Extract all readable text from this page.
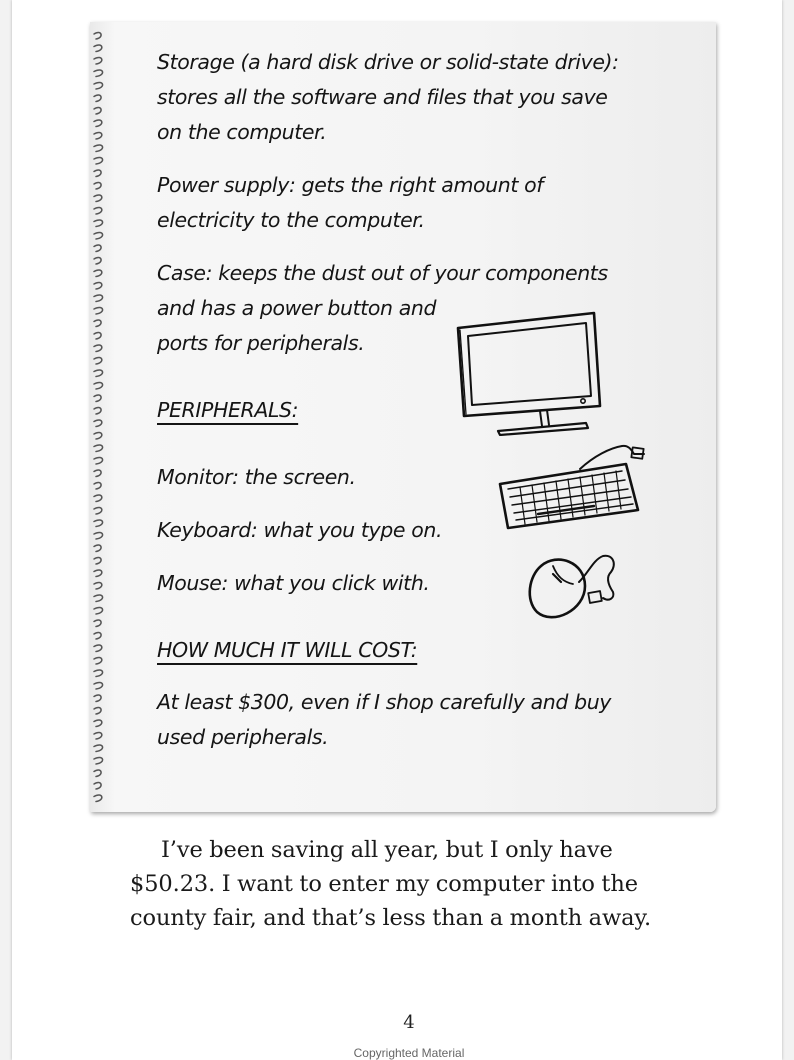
Storage (a hard disk drive or solid-state drive):

stores all the software and files that you save

on the computer.

Power supply: gets the right amount of

electricity to the computer.

Case: keeps the dust out of your components

and has a power button and

ports for peripherals.

PERIPHERALS:

Monitor: the screen.

Keyboard: what you type on.

Mouse: what you click with.

HOW MUCH IT WILL COST:

At least $300, even if I shop carefully and buy

used peripherals.

I’ve been saving all year, but I only have $50.23. I want to enter my computer into the county fair, and that’s less than a month away.

4
Copyrighted Material
